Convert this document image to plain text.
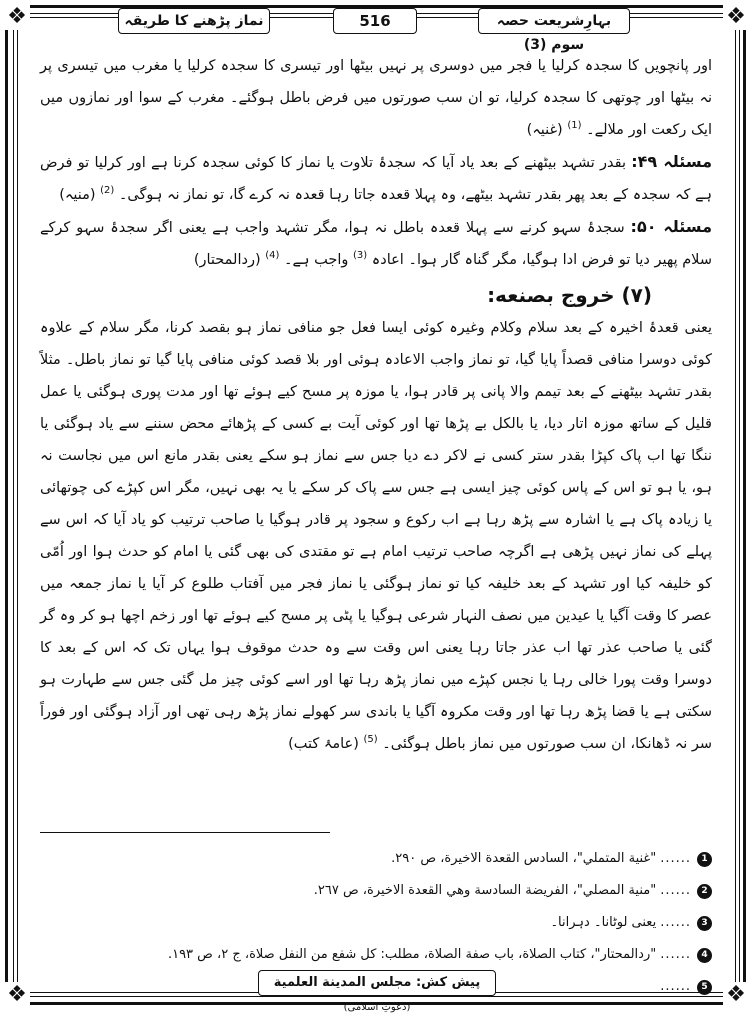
❖	❖
❖	❖
بہارِشریعت حصہ سوم (3)
516
نماز پڑھنے کا طریقہ

اور پانچویں کا سجدہ کرلیا یا فجر میں دوسری پر نہیں بیٹھا اور تیسری کا سجدہ کرلیا یا مغرب میں تیسری پر نہ بیٹھا اور چوتھی کا سجدہ کرلیا، تو ان سب صورتوں میں فرض باطل ہوگئے۔ مغرب کے سوا اور نمازوں میں ایک رکعت اور ملالے۔ $^{(1)}$ (غنیہ)

مسئلہ ۴۹: بقدر تشہد بیٹھنے کے بعد یاد آیا کہ سجدۂ تلاوت یا نماز کا کوئی سجدہ کرنا ہے اور کرلیا تو فرض ہے کہ سجدہ کے بعد پھر بقدر تشہد بیٹھے، وہ پہلا قعدہ جاتا رہا قعدہ نہ کرے گا، تو نماز نہ ہوگی۔ $^{(2)}$ (منیہ)

مسئلہ ۵۰: سجدۂ سہو کرنے سے پہلا قعدہ باطل نہ ہوا، مگر تشہد واجب ہے یعنی اگر سجدۂ سہو کرکے سلام پھیر دیا تو فرض ادا ہوگیا، مگر گناہ گار ہوا۔ اعادہ $^{(3)}$ واجب ہے۔ $^{(4)}$ (ردالمحتار)

(۷) خروج بصنعه:

یعنی قعدۂ اخیرہ کے بعد سلام وکلام وغیرہ کوئی ایسا فعل جو منافی نماز ہو بقصد کرنا، مگر سلام کے علاوہ کوئی دوسرا منافی قصداً پایا گیا، تو نماز واجب الاعادہ ہوئی اور بلا قصد کوئی منافی پایا گیا تو نماز باطل۔ مثلاً بقدر تشہد بیٹھنے کے بعد تیمم والا پانی پر قادر ہوا، یا موزہ پر مسح کیے ہوئے تھا اور مدت پوری ہوگئی یا عمل قلیل کے ساتھ موزہ اتار دیا، یا بالکل بے پڑھا تھا اور کوئی آیت بے کسی کے پڑھائے محض سننے سے یاد ہوگئی یا ننگا تھا اب پاک کپڑا بقدر ستر کسی نے لاکر دے دیا جس سے نماز ہو سکے یعنی بقدر مانع اس میں نجاست نہ ہو، یا ہو تو اس کے پاس کوئی چیز ایسی ہے جس سے پاک کر سکے یا یہ بھی نہیں، مگر اس کپڑے کی چوتھائی یا زیادہ پاک ہے یا اشارہ سے پڑھ رہا ہے اب رکوع و سجود پر قادر ہوگیا یا صاحب ترتیب کو یاد آیا کہ اس سے پہلے کی نماز نہیں پڑھی ہے اگرچہ صاحب ترتیب امام ہے تو مقتدی کی بھی گئی یا امام کو حدث ہوا اور اُمّی کو خلیفہ کیا اور تشہد کے بعد خلیفہ کیا تو نماز ہوگئی یا نماز فجر میں آفتاب طلوع کر آیا یا نماز جمعہ میں عصر کا وقت آگیا یا عیدین میں نصف النہار شرعی ہوگیا یا پٹی پر مسح کیے ہوئے تھا اور زخم اچھا ہو کر وہ گر گئی یا صاحب عذر تھا اب عذر جاتا رہا یعنی اس وقت سے وہ حدث موقوف ہوا یہاں تک کہ اس کے بعد کا دوسرا وقت پورا خالی رہا یا نجس کپڑے میں نماز پڑھ رہا تھا اور اسے کوئی چیز مل گئی جس سے طہارت ہو سکتی ہے یا قضا پڑھ رہا تھا اور وقت مکروہ آگیا یا باندی سر کھولے نماز پڑھ رہی تھی اور آزاد ہوگئی اور فوراً سر نہ ڈھانکا، ان سب صورتوں میں نماز باطل ہوگئی۔ $^{(5)}$ (عامۂ کتب)

1
......
"غنية المتملي"، السادس القعدة الاخيرة، ص ٢٩٠.
2
......
"منية المصلي"، الفريضة السادسة وهي القعدة الاخيرة، ص ٢٦٧.
3
......
یعنی لوٹانا۔ دہرانا۔
4
......
"ردالمحتار"، كتاب الصلاة، باب صفة الصلاة، مطلب: كل شفع من النفل صلاة، ج ٢، ص ١٩٣.
5
......
پیش کش: مجلس المدینة العلمیة (دعوتِ اسلامی)
